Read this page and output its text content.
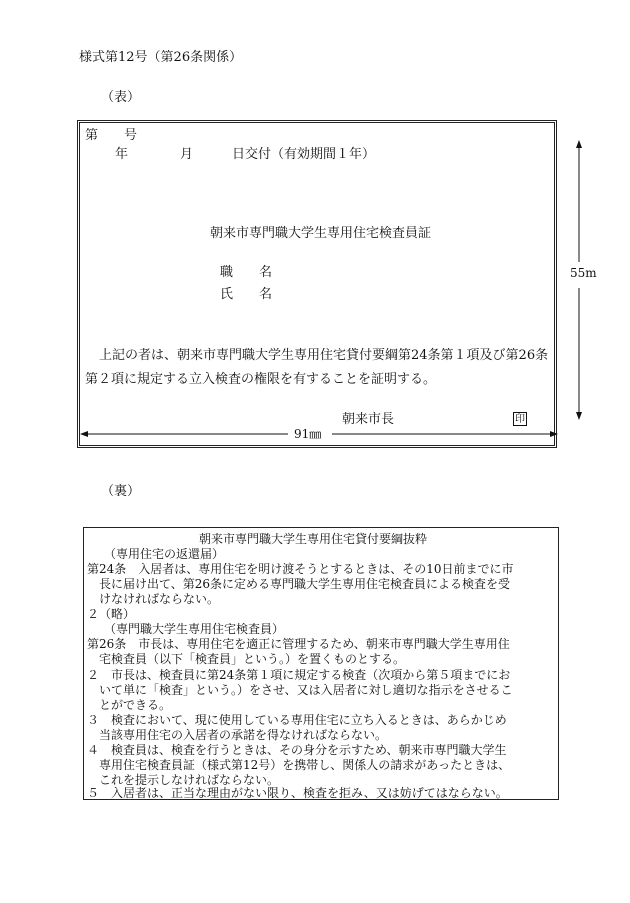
様式第12号（第26条関係）
（表）
第　　号
年　　　　月　　　日交付（有効期間１年）
朝来市専門職大学生専用住宅検査員証
職　　名
氏　　名
上記の者は、朝来市専門職大学生専用住宅貸付要綱第24条第１項及び第26条
第２項に規定する立入検査の権限を有することを証明する。
朝来市長	印
91㎜
55m
（裏）
朝来市専門職大学生専用住宅貸付要綱抜粋
（専用住宅の返還届）
第24条　入居者は、専用住宅を明け渡そうとするときは、その10日前までに市
長に届け出て、第26条に定める専門職大学生専用住宅検査員による検査を受
けなければならない。
２（略）
（専門職大学生専用住宅検査員）
第26条　市長は、専用住宅を適正に管理するため、朝来市専門職大学生専用住
宅検査員（以下「検査員」という。）を置くものとする。
２　市長は、検査員に第24条第１項に規定する検査（次項から第５項までにお
いて単に「検査」という。）をさせ、又は入居者に対し適切な指示をさせるこ
とができる。
３　検査において、現に使用している専用住宅に立ち入るときは、あらかじめ
当該専用住宅の入居者の承諾を得なければならない。
４　検査員は、検査を行うときは、その身分を示すため、朝来市専門職大学生
専用住宅検査員証（様式第12号）を携帯し、関係人の請求があったときは、
これを提示しなければならない。
５　入居者は、正当な理由がない限り、検査を拒み、又は妨げてはならない。
